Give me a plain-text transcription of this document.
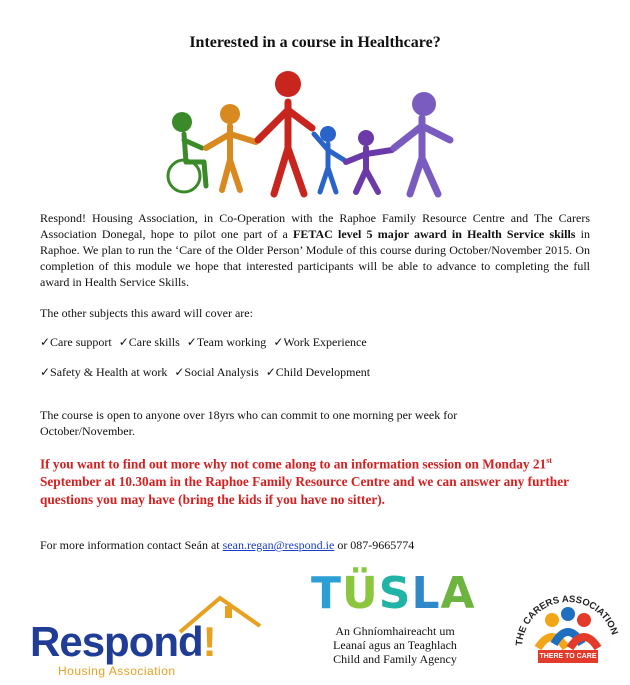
Interested in a course in Healthcare?
Respond! Housing Association, in Co-Operation with the Raphoe Family Resource Centre and The Carers Association Donegal, hope to pilot one part of a FETAC level 5 major award in Health Service skills in Raphoe. We plan to run the ‘Care of the Older Person’ Module of this course during October/November 2015. On completion of this module we hope that interested participants will be able to advance to completing the full award in Health Service Skills.
The other subjects this award will cover are:
✓Care support ✓Care skills ✓Team working ✓Work Experience
✓Safety & Health at work ✓Social Analysis ✓Child Development
The course is open to anyone over 18yrs who can commit to one morning per week for October/November.
If you want to find out more why not come along to an information session on Monday 21st September at 10.30am in the Raphoe Family Resource Centre and we can answer any further questions you may have (bring the kids if you have no sitter).
For more information contact Seán at sean.regan@respond.ie or 087-9665774
Respond!
Housing Association
TÜSLA
An Ghníomhaireacht um
Leanaí agus an Teaghlach
Child and Family Agency
THE CARERS ASSOCIATION
THERE TO CARE
